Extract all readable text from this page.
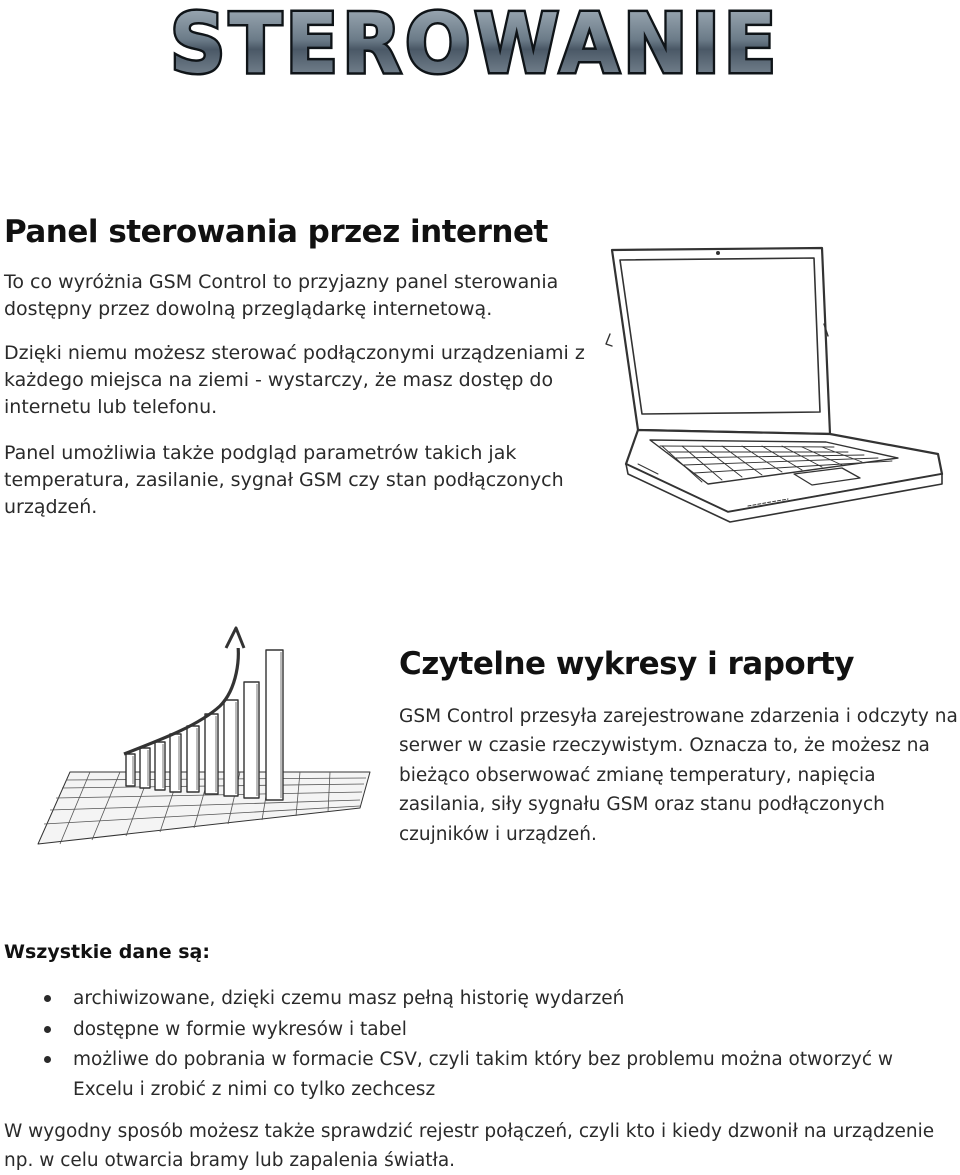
STEROWANIE
Panel sterowania przez internet

To co wyróżnia GSM Control to przyjazny panel sterowania dostępny przez dowolną przeglądarkę internetową.

Dzięki niemu możesz sterować podłączonymi urządzeniami z każdego miejsca na ziemi - wystarczy, że masz dostęp do internetu lub telefonu.

Panel umożliwia także podgląd parametrów takich jak temperatura, zasilanie, sygnał GSM czy stan podłączonych urządzeń.

Czytelne wykresy i raporty

GSM Control przesyła zarejestrowane zdarzenia i odczyty na serwer w czasie rzeczywistym. Oznacza to, że możesz na bieżąco obserwować zmianę temperatury, napięcia zasilania, siły sygnału GSM oraz stanu podłączonych czujników i urządzeń.

Wszystkie dane są:
archiwizowane, dzięki czemu masz pełną historię wydarzeń
dostępne w formie wykresów i tabel
możliwe do pobrania w formacie CSV, czyli takim który bez problemu można otworzyć w Excelu i zrobić z nimi co tylko zechcesz

W wygodny sposób możesz także sprawdzić rejestr połączeń, czyli kto i kiedy dzwonił na urządzenie np. w celu otwarcia bramy lub zapalenia światła.
